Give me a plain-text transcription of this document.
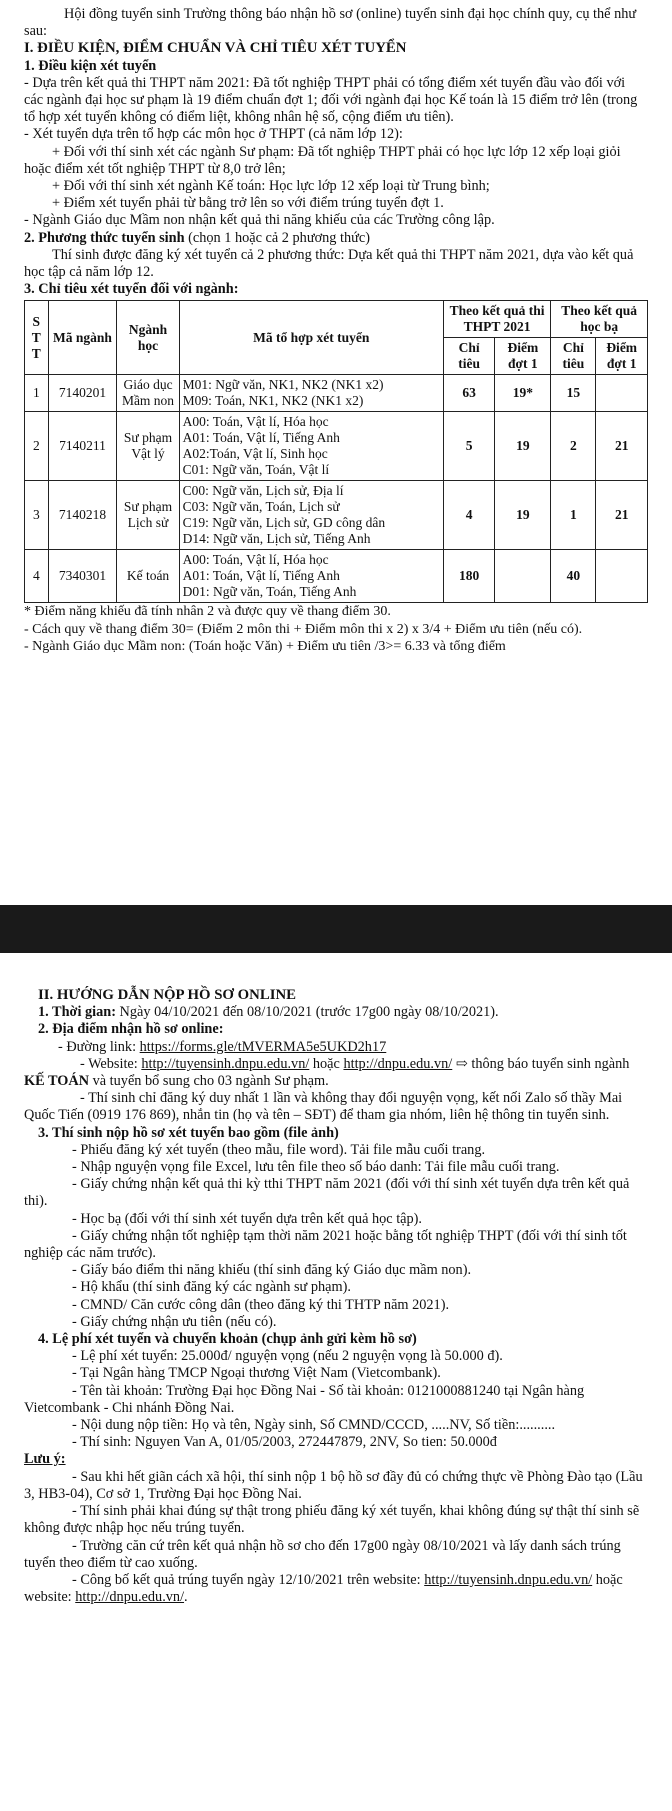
Hội đồng tuyển sinh Trường thông báo nhận hồ sơ (online) tuyển sinh đại học chính quy, cụ thể như sau:

I. ĐIỀU KIỆN, ĐIỂM CHUẨN VÀ CHỈ TIÊU XÉT TUYỂN

1. Điều kiện xét tuyển

- Dựa trên kết quả thi THPT năm 2021: Đã tốt nghiệp THPT phải có tổng điểm xét tuyển đầu vào đối với các ngành đại học sư phạm là 19 điểm chuẩn đợt 1; đối với ngành đại học Kế toán là 15 điểm trở lên (trong tổ hợp xét tuyển không có điểm liệt, không nhân hệ số, cộng điểm ưu tiên).

- Xét tuyển dựa trên tổ hợp các môn học ở THPT (cả năm lớp 12):

+ Đối với thí sinh xét các ngành Sư phạm: Đã tốt nghiệp THPT phải có học lực lớp 12 xếp loại giỏi hoặc điểm xét tốt nghiệp THPT từ 8,0 trở lên;

+ Đối với thí sinh xét ngành Kế toán: Học lực lớp 12 xếp loại từ Trung bình;

+ Điểm xét tuyển phải từ bằng trở lên so với điểm trúng tuyển đợt 1.

- Ngành Giáo dục Mầm non nhận kết quả thi năng khiếu của các Trường công lập.

2. Phương thức tuyển sinh (chọn 1 hoặc cả 2 phương thức)

Thí sinh được đăng ký xét tuyển cả 2 phương thức: Dựa kết quả thi THPT năm 2021, dựa vào kết quả học tập cả năm lớp 12.

3. Chỉ tiêu xét tuyển đối với ngành:

S T T	Mã ngành	Ngành học	Mã tổ hợp xét tuyển	Theo kết quả thi THPT 2021		Theo kết quả học bạ	
				Chỉ tiêu	Điểm đợt 1	Chỉ tiêu	Điểm đợt 1
1	7140201	Giáo dục Mầm non	M01: Ngữ văn, NK1, NK2 (NK1 x2)
M09: Toán, NK1, NK2 (NK1 x2)	63	19*	15	
2	7140211	Sư phạm Vật lý	A00: Toán, Vật lí, Hóa học
A01: Toán, Vật lí, Tiếng Anh
A02:Toán, Vật lí, Sinh học
C01: Ngữ văn, Toán, Vật lí	5	19	2	21
3	7140218	Sư phạm Lịch sử	C00: Ngữ văn, Lịch sử, Địa lí
C03: Ngữ văn, Toán, Lịch sử
C19: Ngữ văn, Lịch sử, GD công dân
D14: Ngữ văn, Lịch sử, Tiếng Anh	4	19	1	21
4	7340301	Kế toán	A00: Toán, Vật lí, Hóa học
A01: Toán, Vật lí, Tiếng Anh
D01: Ngữ văn, Toán, Tiếng Anh	180		40	

* Điểm năng khiếu đã tính nhân 2 và được quy về thang điểm 30.

- Cách quy về thang điểm 30= (Điểm 2 môn thi + Điểm môn thi x 2) x 3/4 + Điểm ưu tiên (nếu có).

- Ngành Giáo dục Mầm non: (Toán hoặc Văn) + Điểm ưu tiên /3>= 6.33 và tổng điểm

II. HƯỚNG DẪN NỘP HỒ SƠ ONLINE

1. Thời gian: Ngày 04/10/2021 đến 08/10/2021 (trước 17g00 ngày 08/10/2021).

2. Địa điểm nhận hồ sơ online:

- Đường link: https://forms.gle/tMVERMA5e5UKD2h17

- Website: http://tuyensinh.dnpu.edu.vn/ hoặc http://dnpu.edu.vn/ ⇨ thông báo tuyển sinh ngành KẾ TOÁN và tuyển bổ sung cho 03 ngành Sư phạm.

- Thí sinh chỉ đăng ký duy nhất 1 lần và không thay đổi nguyện vọng, kết nối Zalo số thầy Mai Quốc Tiến (0919 176 869), nhắn tin (họ và tên – SĐT) để tham gia nhóm, liên hệ thông tin tuyển sinh.

3. Thí sinh nộp hồ sơ xét tuyển bao gồm (file ảnh)

- Phiếu đăng ký xét tuyển (theo mẫu, file word). Tải file mẫu cuối trang.

- Nhập nguyện vọng file Excel, lưu tên file theo số báo danh: Tải file mẫu cuối trang.

- Giấy chứng nhận kết quả thi kỳ tthi THPT năm 2021 (đối với thí sinh xét tuyển dựa trên kết quả thi).

- Học bạ (đối với thí sinh xét tuyển dựa trên kết quả học tập).

- Giấy chứng nhận tốt nghiệp tạm thời năm 2021 hoặc bằng tốt nghiệp THPT (đối với thí sinh tốt nghiệp các năm trước).

- Giấy báo điểm thi năng khiếu (thí sinh đăng ký Giáo dục mầm non).

- Hộ khẩu (thí sinh đăng ký các ngành sư phạm).

- CMND/ Căn cước công dân (theo đăng ký thi THTP năm 2021).

- Giấy chứng nhận ưu tiên (nếu có).

4. Lệ phí xét tuyển và chuyển khoản (chụp ảnh gửi kèm hồ sơ)

- Lệ phí xét tuyển: 25.000đ/ nguyện vọng (nếu 2 nguyện vọng là 50.000 đ).

- Tại Ngân hàng TMCP Ngoại thương Việt Nam (Vietcombank).

- Tên tài khoản: Trường Đại học Đồng Nai - Số tài khoản: 0121000881240 tại Ngân hàng Vietcombank - Chi nhánh Đồng Nai.

- Nội dung nộp tiền: Họ và tên, Ngày sinh, Số CMND/CCCD, .....NV, Số tiền:..........

- Thí sinh: Nguyen Van A, 01/05/2003, 272447879, 2NV, So tien: 50.000đ

Lưu ý:

- Sau khi hết giãn cách xã hội, thí sinh nộp 1 bộ hồ sơ đầy đủ có chứng thực về Phòng Đào tạo (Lầu 3, HB3-04), Cơ sở 1, Trường Đại học Đồng Nai.

- Thí sinh phải khai đúng sự thật trong phiếu đăng ký xét tuyển, khai không đúng sự thật thí sinh sẽ không được nhập học nếu trúng tuyển.

- Trường căn cứ trên kết quả nhận hồ sơ cho đến 17g00 ngày 08/10/2021 và lấy danh sách trúng tuyển theo điểm từ cao xuống.

- Công bố kết quả trúng tuyển ngày 12/10/2021 trên website: http://tuyensinh.dnpu.edu.vn/ hoặc website: http://dnpu.edu.vn/.
